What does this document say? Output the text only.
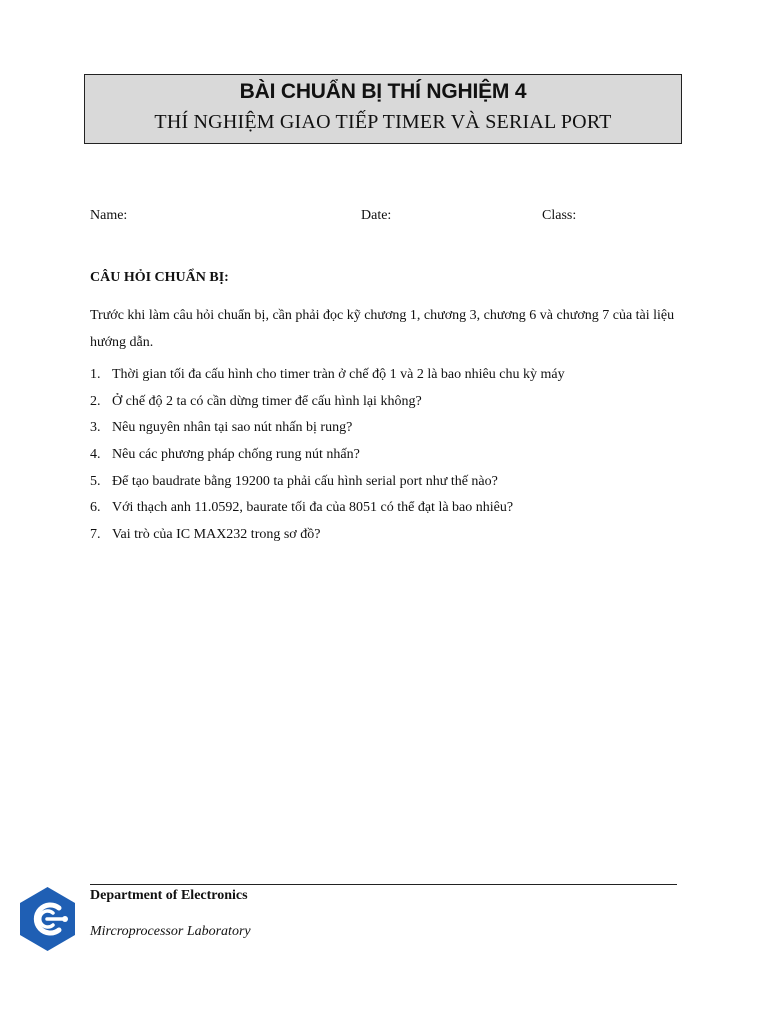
BÀI CHUẨN BỊ THÍ NGHIỆM 4
THÍ NGHIỆM GIAO TIẾP TIMER VÀ SERIAL PORT
Name:	Date:	Class:
CÂU HỎI CHUẨN BỊ:
Trước khi làm câu hỏi chuẩn bị, cần phải đọc kỹ chương 1, chương 3, chương 6 và chương 7 của tài liệu hướng dẫn.
1. Thời gian tối đa cấu hình cho timer tràn ở chế độ 1 và 2 là bao nhiêu chu kỳ máy
2. Ở chế độ 2 ta có cần dừng timer để cấu hình lại không?
3. Nêu nguyên nhân tại sao nút nhấn bị rung?
4. Nêu các phương pháp chống rung nút nhấn?
5. Để tạo baudrate bằng 19200 ta phải cấu hình serial port như thế nào?
6. Với thạch anh 11.0592, baurate tối đa của 8051 có thể đạt là bao nhiêu?
7. Vai trò của IC MAX232 trong sơ đồ?
Department of Electronics
Mircroprocessor Laboratory
